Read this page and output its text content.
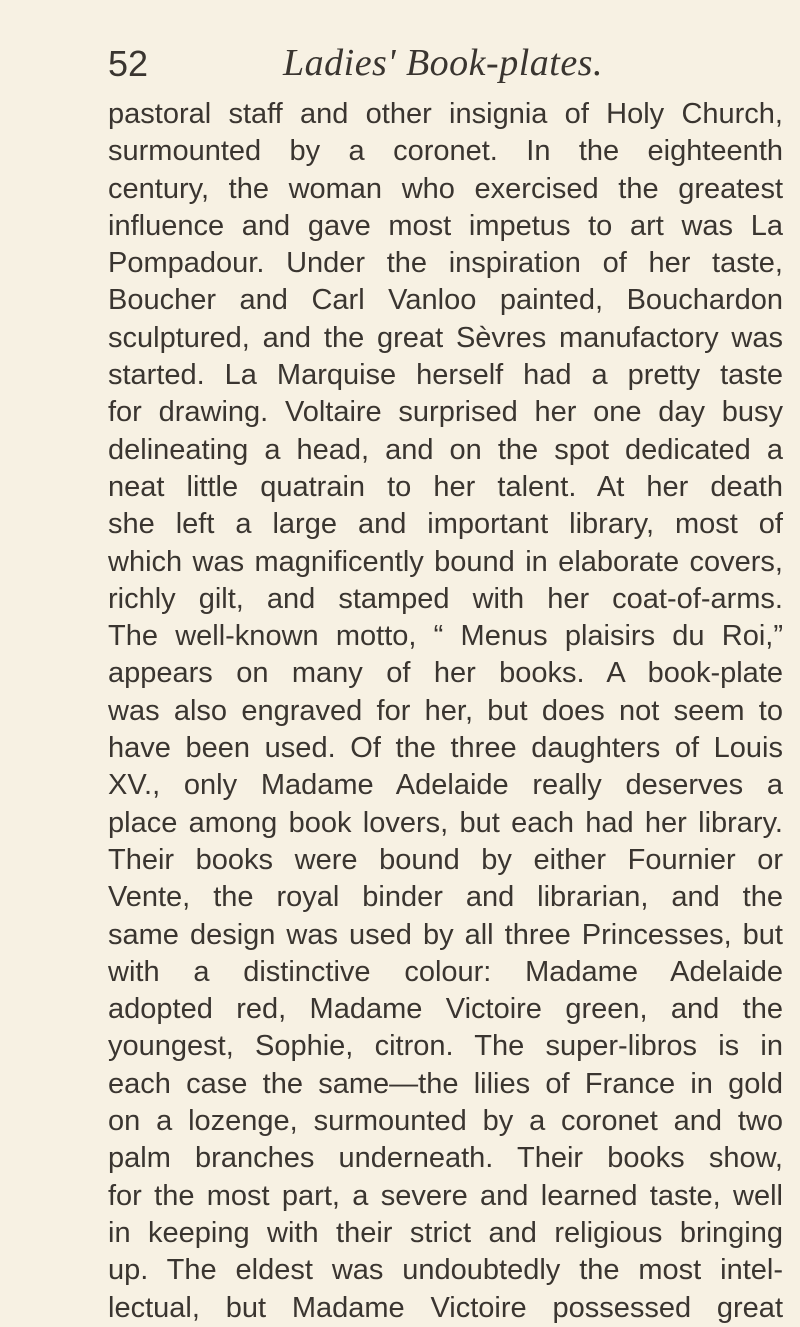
52	Ladies' Book-plates.
pastoral staff and other insignia of Holy Church,
surmounted by a coronet. In the eighteenth
century, the woman who exercised the greatest
influence and gave most impetus to art was La
Pompadour. Under the inspiration of her taste,
Boucher and Carl Vanloo painted, Bouchardon
sculptured, and the great Sèvres manufactory was
started. La Marquise herself had a pretty taste
for drawing. Voltaire surprised her one day busy
delineating a head, and on the spot dedicated a
neat little quatrain to her talent. At her death
she left a large and important library, most of
which was magnificently bound in elaborate covers,
richly gilt, and stamped with her coat-of-arms.
The well-known motto, “ Menus plaisirs du Roi,”
appears on many of her books. A book-plate
was also engraved for her, but does not seem to
have been used. Of the three daughters of Louis
XV., only Madame Adelaide really deserves a
place among book lovers, but each had her library.
Their books were bound by either Fournier or
Vente, the royal binder and librarian, and the
same design was used by all three Princesses, but
with a distinctive colour: Madame Adelaide
adopted red, Madame Victoire green, and the
youngest, Sophie, citron. The super-libros is in
each case the same—the lilies of France in gold
on a lozenge, surmounted by a coronet and two
palm branches underneath. Their books show,
for the most part, a severe and learned taste, well
in keeping with their strict and religious bringing
up. The eldest was undoubtedly the most intel-
lectual, but Madame Victoire possessed great
